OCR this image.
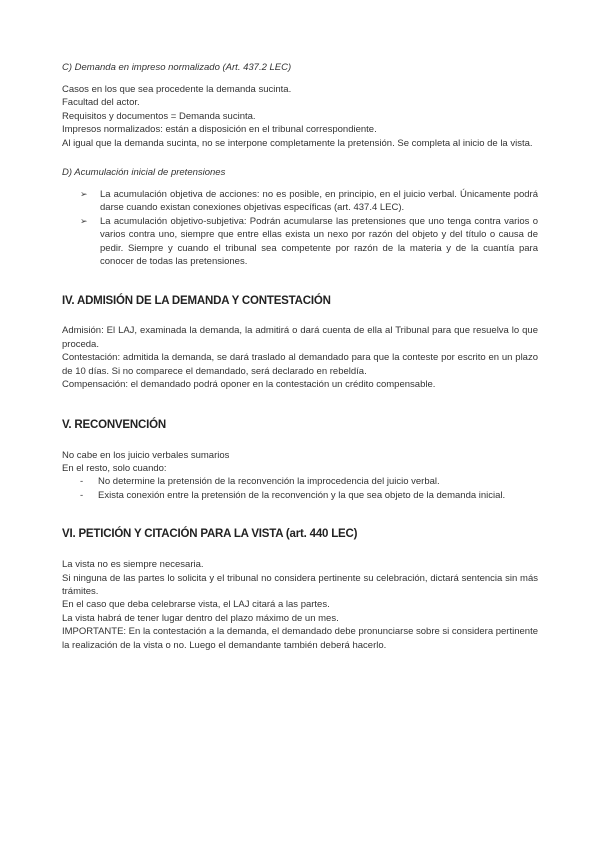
C) Demanda en impreso normalizado (Art. 437.2 LEC)

Casos en los que sea procedente la demanda sucinta.

Facultad del actor.

Requisitos y documentos = Demanda sucinta.

Impresos normalizados: están a disposición en el tribunal correspondiente.

Al igual que la demanda sucinta, no se interpone completamente la pretensión. Se completa al inicio de la vista.

D) Acumulación inicial de pretensiones

➢ La acumulación objetiva de acciones: no es posible, en principio, en el juicio verbal. Únicamente podrá darse cuando existan conexiones objetivas específicas (art. 437.4 LEC).
➢ La acumulación objetivo-subjetiva: Podrán acumularse las pretensiones que uno tenga contra varios o varios contra uno, siempre que entre ellas exista un nexo por razón del objeto y del título o causa de pedir. Siempre y cuando el tribunal sea competente por razón de la materia y de la cuantía para conocer de todas las pretensiones.

IV. ADMISIÓN DE LA DEMANDA Y CONTESTACIÓN

Admisión: El LAJ, examinada la demanda, la admitirá o dará cuenta de ella al Tribunal para que resuelva lo que proceda.

Contestación: admitida la demanda, se dará traslado al demandado para que la conteste por escrito en un plazo de 10 días. Si no comparece el demandado, será declarado en rebeldía.

Compensación: el demandado podrá oponer en la contestación un crédito compensable.

V. RECONVENCIÓN

No cabe en los juicio verbales sumarios

En el resto, solo cuando:

- No determine la pretensión de la reconvención la improcedencia del juicio verbal.
- Exista conexión entre la pretensión de la reconvención y la que sea objeto de la demanda inicial.

VI. PETICIÓN Y CITACIÓN PARA LA VISTA (art. 440 LEC)

La vista no es siempre necesaria.

Si ninguna de las partes lo solicita y el tribunal no considera pertinente su celebración, dictará sentencia sin más trámites.

En el caso que deba celebrarse vista, el LAJ citará a las partes.

La vista habrá de tener lugar dentro del plazo máximo de un mes.

IMPORTANTE: En la contestación a la demanda, el demandado debe pronunciarse sobre si considera pertinente la realización de la vista o no. Luego el demandante también deberá hacerlo.
